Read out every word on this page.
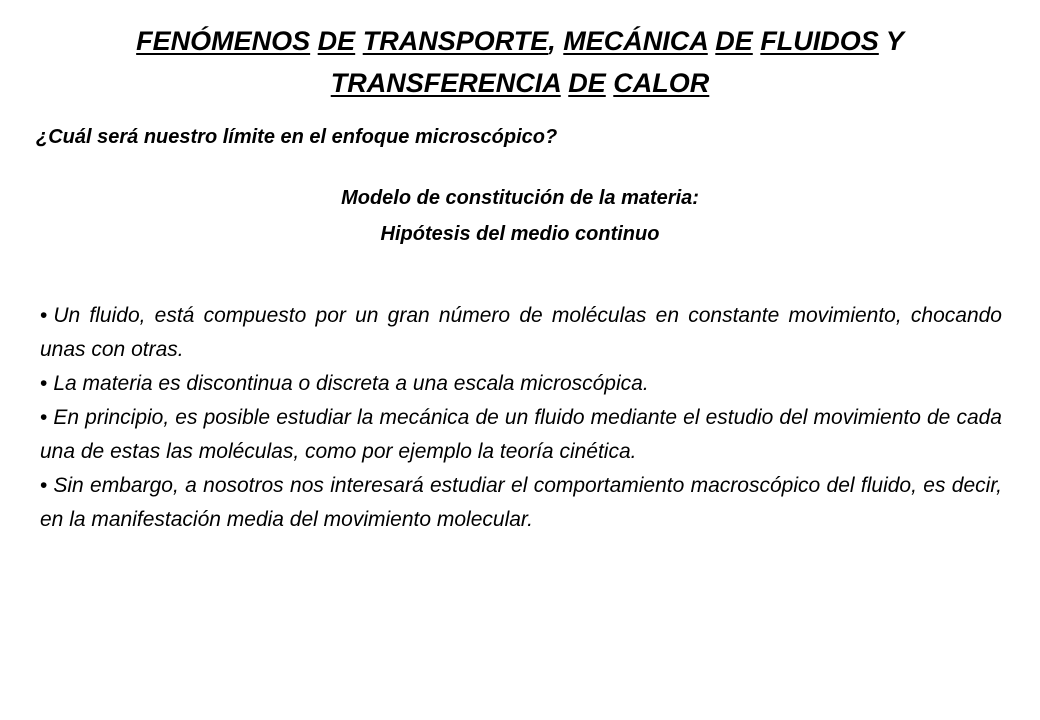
FENÓMENOS DE TRANSPORTE, MECÁNICA DE FLUIDOS Y
TRANSFERENCIA DE CALOR

¿Cuál será nuestro límite en el enfoque microscópico?

Modelo de constitución de la materia:
Hipótesis del medio continuo

• Un fluido, está compuesto por un gran número de moléculas en constante movimiento, chocando unas con otras.

• La materia es discontinua o discreta a una escala microscópica.

• En principio, es posible estudiar la mecánica de un fluido mediante el estudio del movimiento de cada una de estas las moléculas, como por ejemplo la teoría cinética.

• Sin embargo, a nosotros nos interesará estudiar el comportamiento macroscópico del fluido, es decir, en la manifestación media del movimiento molecular.
